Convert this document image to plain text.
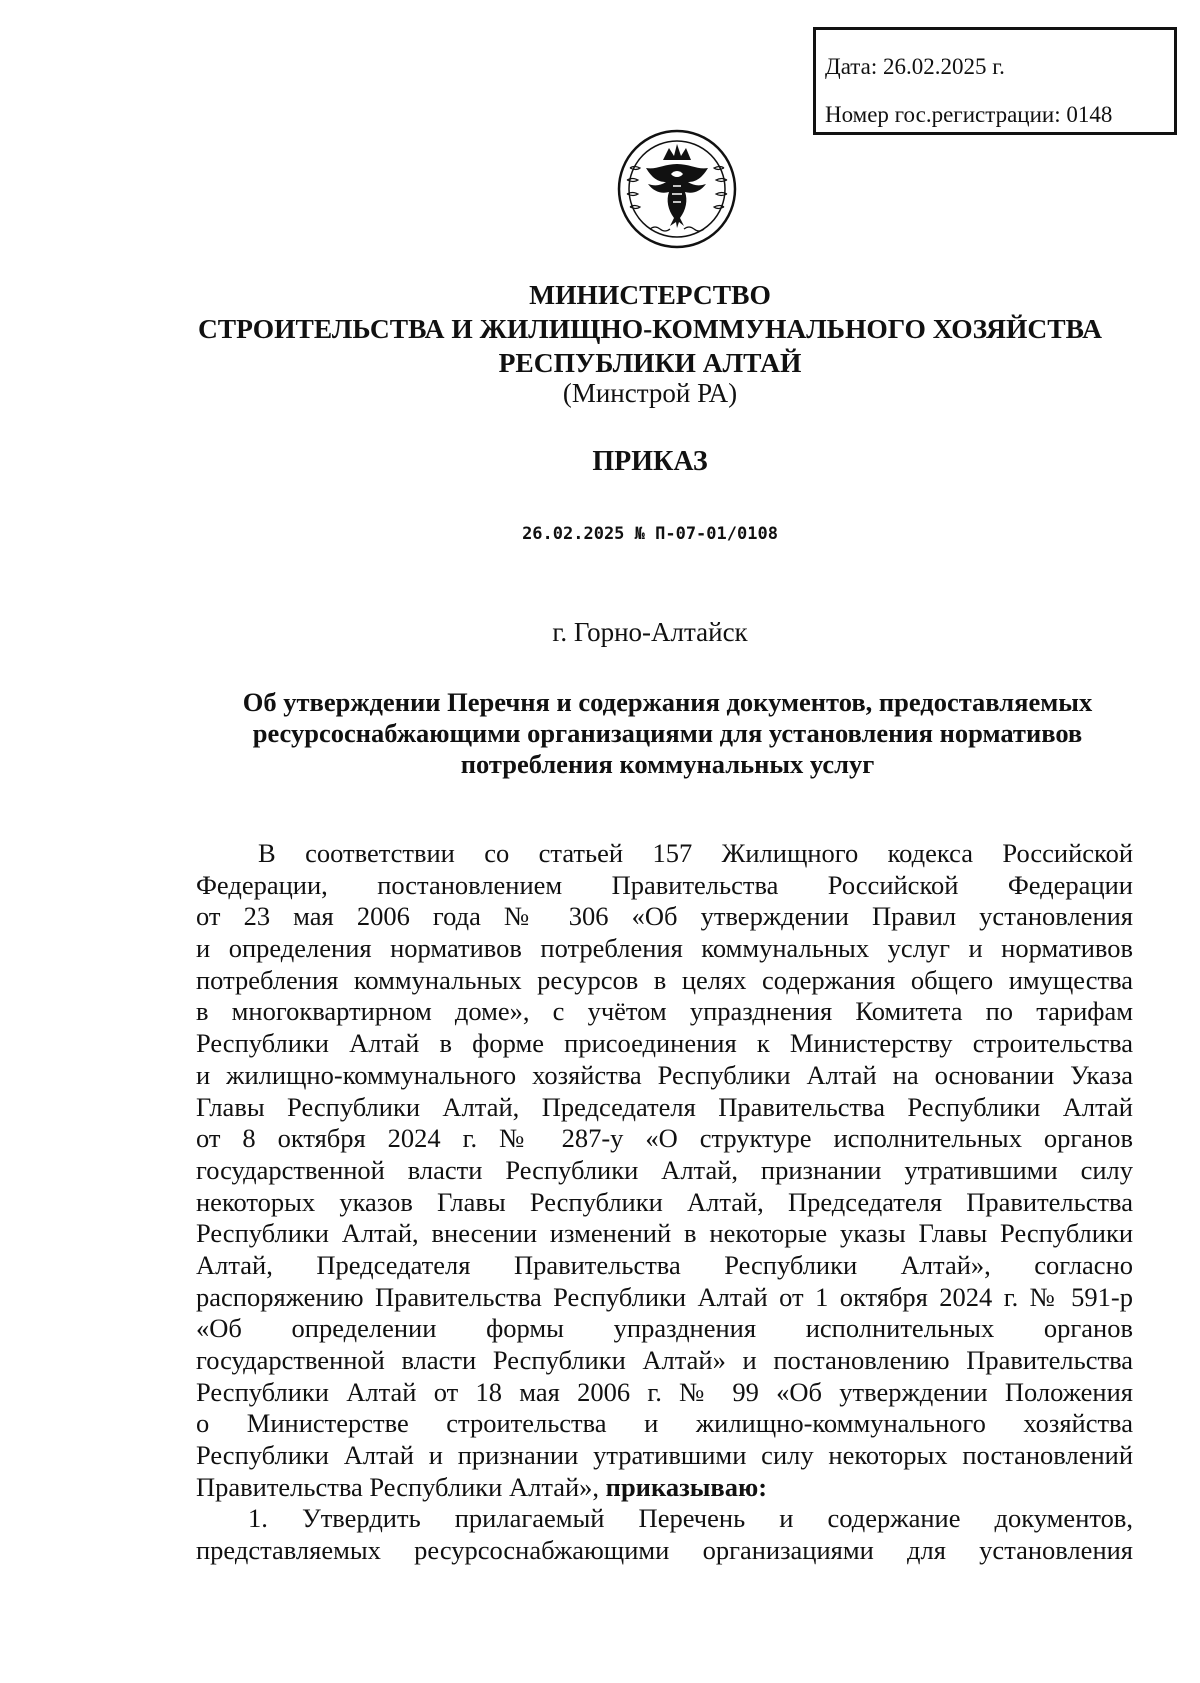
Дата: 26.02.2025 г.
Номер гос.регистрации: 0148
МИНИСТЕРСТВО
СТРОИТЕЛЬСТВА И ЖИЛИЩНО-КОММУНАЛЬНОГО ХОЗЯЙСТВА
РЕСПУБЛИКИ АЛТАЙ
(Минстрой РА)
ПРИКАЗ
26.02.2025 № П-07-01/0108
г. Горно-Алтайск
Об утверждении Перечня и содержания документов, предоставляемых
ресурсоснабжающими организациями для установления нормативов
потребления коммунальных услуг
В соответствии со статьей 157 Жилищного кодекса Российской
Федерации, постановлением Правительства Российской Федерации
от 23 мая 2006 года № 306 «Об утверждении Правил установления
и определения нормативов потребления коммунальных услуг и нормативов
потребления коммунальных ресурсов в целях содержания общего имущества
в многоквартирном доме», с учётом упразднения Комитета по тарифам
Республики Алтай в форме присоединения к Министерству строительства
и жилищно-коммунального хозяйства Республики Алтай на основании Указа
Главы Республики Алтай, Председателя Правительства Республики Алтай
от 8 октября 2024 г. № 287-у «О структуре исполнительных органов
государственной власти Республики Алтай, признании утратившими силу
некоторых указов Главы Республики Алтай, Председателя Правительства
Республики Алтай, внесении изменений в некоторые указы Главы Республики
Алтай, Председателя Правительства Республики Алтай», согласно
распоряжению Правительства Республики Алтай от 1 октября 2024 г. № 591-р
«Об определении формы упразднения исполнительных органов
государственной власти Республики Алтай» и постановлению Правительства
Республики Алтай от 18 мая 2006 г. № 99 «Об утверждении Положения
о Министерстве строительства и жилищно-коммунального хозяйства
Республики Алтай и признании утратившими силу некоторых постановлений
Правительства Республики Алтай», приказываю:
1. Утвердить прилагаемый Перечень и содержание документов,
представляемых ресурсоснабжающими организациями для установления
